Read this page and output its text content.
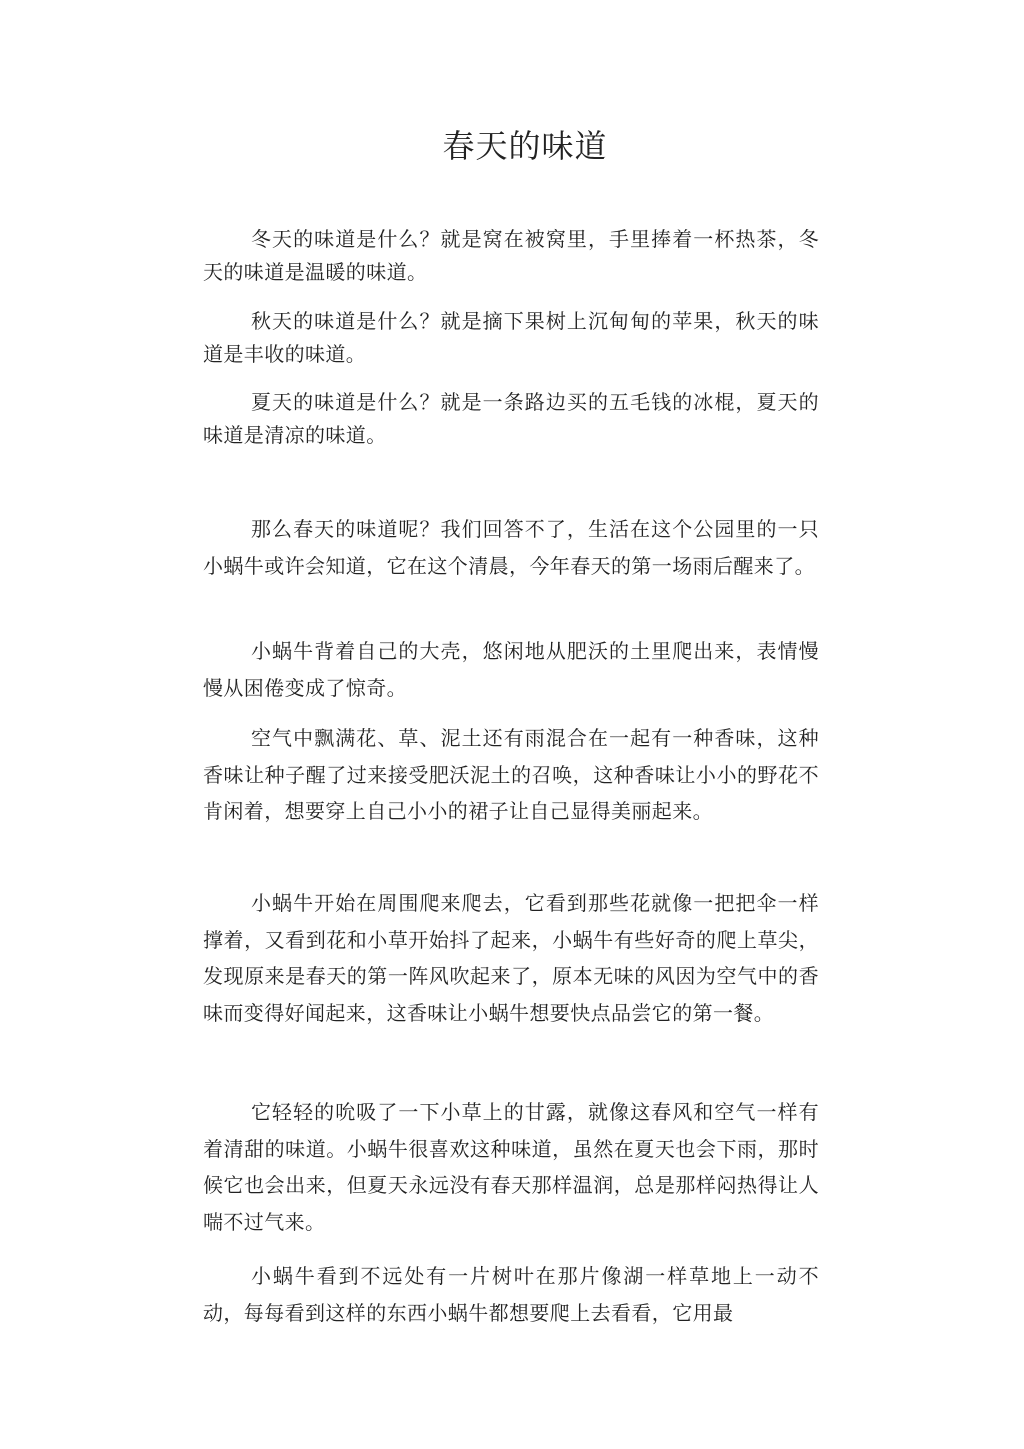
春天的味道

冬天的味道是什么？就是窝在被窝里，手里捧着一杯热茶，冬天的味道是温暖的味道。

秋天的味道是什么？就是摘下果树上沉甸甸的苹果，秋天的味道是丰收的味道。

夏天的味道是什么？就是一条路边买的五毛钱的冰棍，夏天的味道是清凉的味道。

那么春天的味道呢？我们回答不了，生活在这个公园里的一只小蜗牛或许会知道，它在这个清晨，今年春天的第一场雨后醒来了。

小蜗牛背着自己的大壳，悠闲地从肥沃的土里爬出来，表情慢慢从困倦变成了惊奇。

空气中飘满花、草、泥土还有雨混合在一起有一种香味，这种香味让种子醒了过来接受肥沃泥土的召唤，这种香味让小小的野花不肯闲着，想要穿上自己小小的裙子让自己显得美丽起来。

小蜗牛开始在周围爬来爬去，它看到那些花就像一把把伞一样撑着，又看到花和小草开始抖了起来，小蜗牛有些好奇的爬上草尖，发现原来是春天的第一阵风吹起来了，原本无味的风因为空气中的香味而变得好闻起来，这香味让小蜗牛想要快点品尝它的第一餐。

它轻轻的吮吸了一下小草上的甘露，就像这春风和空气一样有着清甜的味道。小蜗牛很喜欢这种味道，虽然在夏天也会下雨，那时候它也会出来，但夏天永远没有春天那样温润，总是那样闷热得让人喘不过气来。

小蜗牛看到不远处有一片树叶在那片像湖一样草地上一动不动，每每看到这样的东西小蜗牛都想要爬上去看看，它用最
